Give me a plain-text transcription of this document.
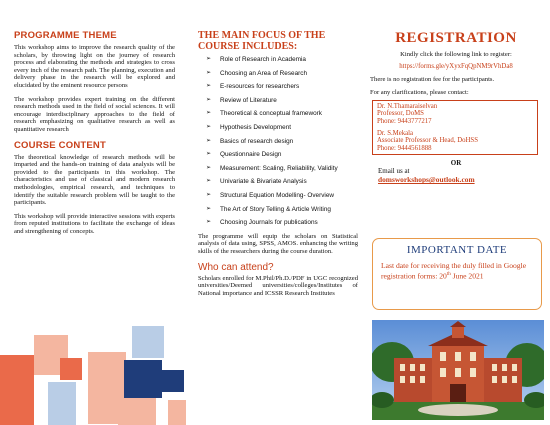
PROGRAMME THEME

This workshop aims to improve the research quality of the scholars, by throwing light on the journey of research process and elaborating the methods and strategies to cross every inch of the research path. The planning, execution and delivery phase in the research will be explored and elucidated by the eminent resource persons

The workshop provides expert training on the different research methods used in the field of social sciences. It will encourage interdisciplinary approaches to the field of research emphasizing on qualitative research as well as quantitative research

COURSE CONTENT

The theoretical knowledge of research methods will be imparted and the hands-on training of data analysis will be provided to the participants in this workshop. The characteristics and use of classical and modern research methodologies, empirical research, and techniques to identify the suitable research problem will be taught to the participants.

This workshop will provide interactive sessions with experts from reputed institutions to facilitate the exchange of ideas and strengthening of concepts.

THE MAIN FOCUS OF THE
COURSE INCLUDES:
➢ Role of Research in Academia
➢ Choosing an Area of Research
➢ E-resources for researchers
➢ Review of Literature
➢ Theoretical & conceptual framework
➢ Hypothesis Development
➢ Basics of research design
➢ Questionnaire Design
➢ Measurement: Scaling, Reliability, Validity
➢ Univariate & Bivariate Analysis
➢ Structural Equation Modelling- Overview
➢ The Art of Story Telling & Article Writing
➢ Choosing Journals for publications

The programme will equip the scholars on Statistical analysis of data using, SPSS, AMOS. enhancing the writing skills of the researchers during the course duration.

Who can attend?

Scholars enrolled for M.Phil/Ph.D./PDF in UGC recognized universities/Deemed universities/colleges/Institutes of National importance and ICSSR Research Institutes

REGISTRATION

Kindly click the following link to register:

https://forms.gle/yXyxFqQpNM9rVhDa8

There is no registration fee for the participants.

For any clarifications, please contact:

Dr. N.Thamaraiselvan

Professor, DoMS

Phone: 9443777217

Dr. S.Mekala

Associate Professor & Head, DoHSS

Phone: 9444561888

OR
Email us at
domsworkshops@outlook.com
IMPORTANT DATE

Last date for receiving the duly filled in Google registration forms: 20th June 2021
